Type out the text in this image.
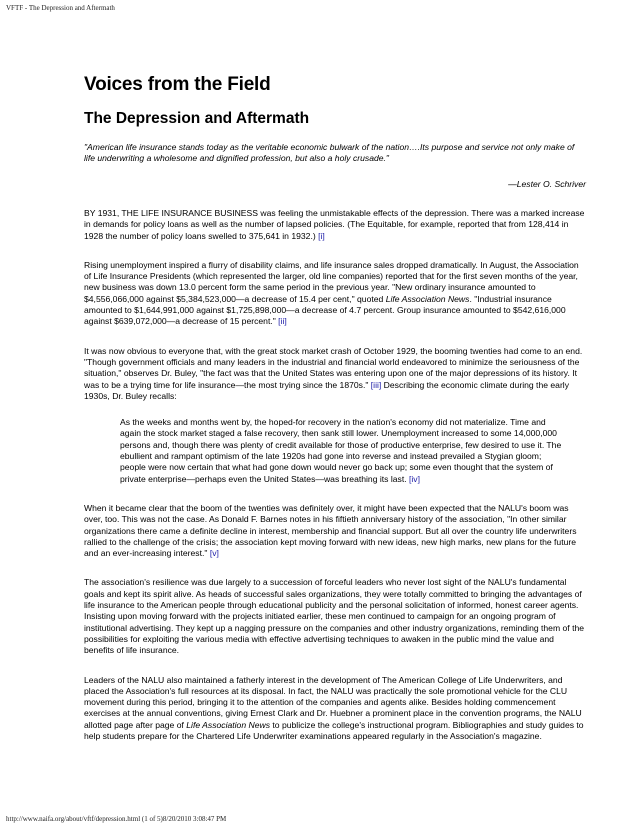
VFTF - The Depression and Aftermath
Voices from the Field
The Depression and Aftermath

"American life insurance stands today as the veritable economic bulwark of the nation….Its purpose and service not only make of life underwriting a wholesome and dignified profession, but also a holy crusade."

—Lester O. Schriver

BY 1931, THE LIFE INSURANCE BUSINESS was feeling the unmistakable effects of the depression. There was a marked increase in demands for policy loans as well as the number of lapsed policies. (The Equitable, for example, reported that from 128,414 in 1928 the number of policy loans swelled to 375,641 in 1932.) [i]

Rising unemployment inspired a flurry of disability claims, and life insurance sales dropped dramatically. In August, the Association of Life Insurance Presidents (which represented the larger, old line companies) reported that for the first seven months of the year, new business was down 13.0 percent form the same period in the previous year. "New ordinary insurance amounted to $4,556,066,000 against $5,384,523,000—a decrease of 15.4 per cent," quoted Life Association News. "Industrial insurance amounted to $1,644,991,000 against $1,725,898,000—a decrease of 4.7 percent. Group insurance amounted to $542,616,000 against $639,072,000—a decrease of 15 percent." [ii]

It was now obvious to everyone that, with the great stock market crash of October 1929, the booming twenties had come to an end. "Though government officials and many leaders in the industrial and financial world endeavored to minimize the seriousness of the situation," observes Dr. Buley, "the fact was that the United States was entering upon one of the major depressions of its history. It was to be a trying time for life insurance—the most trying since the 1870s." [iii] Describing the economic climate during the early 1930s, Dr. Buley recalls:

As the weeks and months went by, the hoped-for recovery in the nation's economy did not materialize. Time and again the stock market staged a false recovery, then sank still lower. Unemployment increased to some 14,000,000 persons and, though there was plenty of credit available for those of productive enterprise, few desired to use it. The ebullient and rampant optimism of the late 1920s had gone into reverse and instead prevailed a Stygian gloom; people were now certain that what had gone down would never go back up; some even thought that the system of private enterprise—perhaps even the United States—was breathing its last. [iv]

When it became clear that the boom of the twenties was definitely over, it might have been expected that the NALU's boom was over, too. This was not the case. As Donald F. Barnes notes in his fiftieth anniversary history of the association, "In other similar organizations there came a definite decline in interest, membership and financial support. But all over the country life underwriters rallied to the challenge of the crisis; the association kept moving forward with new ideas, new high marks, new plans for the future and an ever-increasing interest." [v]

The association's resilience was due largely to a succession of forceful leaders who never lost sight of the NALU's fundamental goals and kept its spirit alive. As heads of successful sales organizations, they were totally committed to bringing the advantages of life insurance to the American people through educational publicity and the personal solicitation of informed, honest career agents. Insisting upon moving forward with the projects initiated earlier, these men continued to campaign for an ongoing program of institutional advertising. They kept up a nagging pressure on the companies and other industry organizations, reminding them of the possibilities for exploiting the various media with effective advertising techniques to awaken in the public mind the value and benefits of life insurance.

Leaders of the NALU also maintained a fatherly interest in the development of The American College of Life Underwriters, and placed the Association's full resources at its disposal. In fact, the NALU was practically the sole promotional vehicle for the CLU movement during this period, bringing it to the attention of the companies and agents alike. Besides holding commencement exercises at the annual conventions, giving Ernest Clark and Dr. Huebner a prominent place in the convention programs, the NALU allotted page after page of Life Association News to publicize the college's instructional program. Bibliographies and study guides to help students prepare for the Chartered Life Underwriter examinations appeared regularly in the Association's magazine.

http://www.naifa.org/about/vftf/depression.html (1 of 5)8/20/2010 3:08:47 PM
